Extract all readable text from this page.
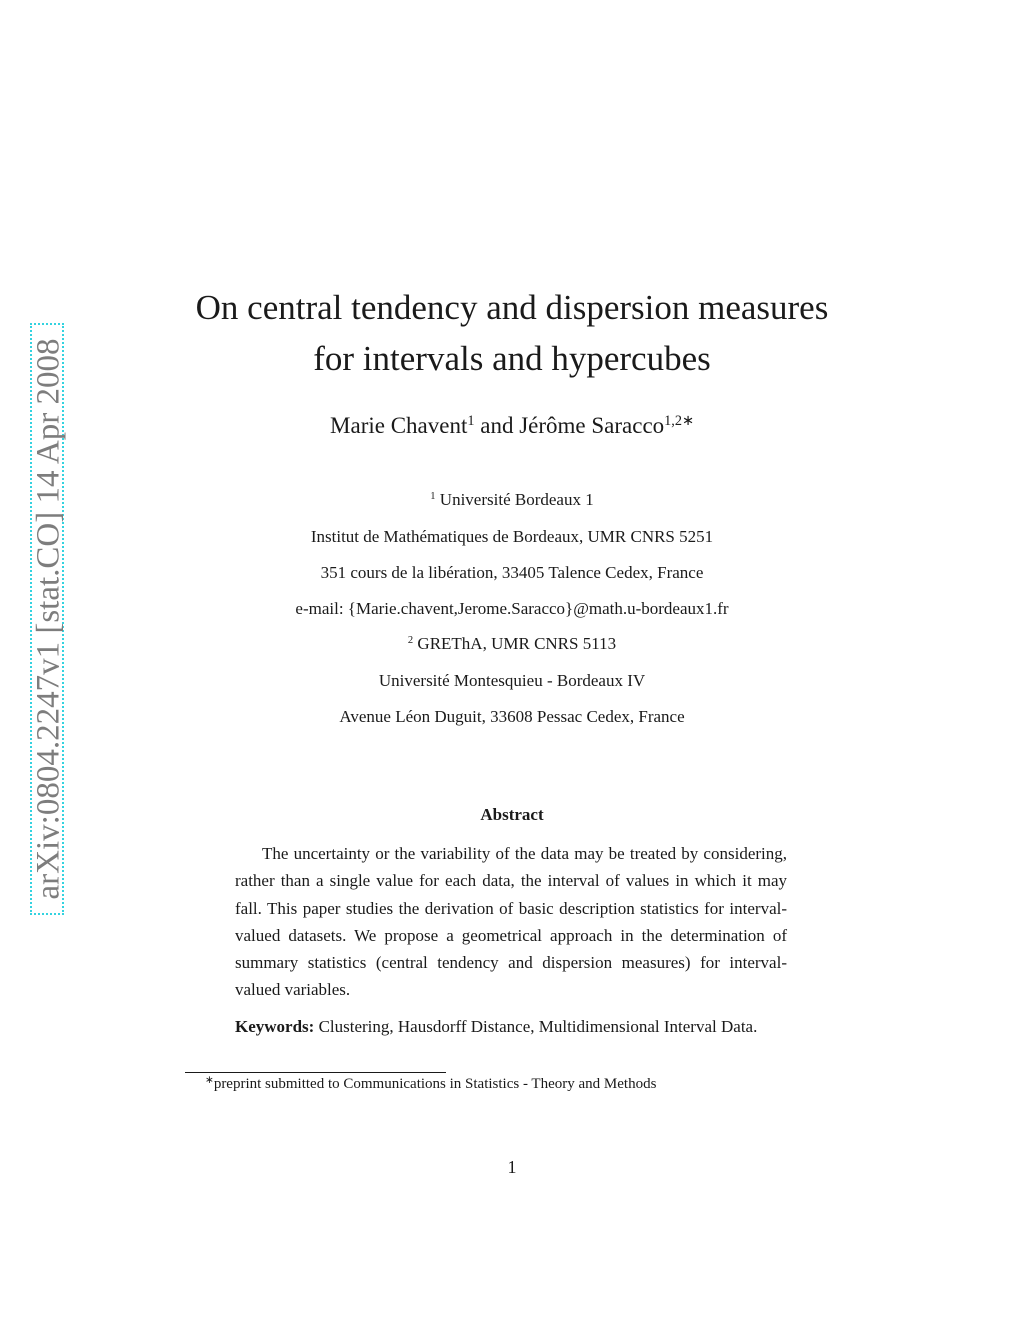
arXiv:0804.2247v1 [stat.CO] 14 Apr 2008
On central tendency and dispersion measures
for intervals and hypercubes
Marie Chavent$^1$ and Jérôme Saracco$^{1,2∗}$
$^1$ Université Bordeaux 1
Institut de Mathématiques de Bordeaux, UMR CNRS 5251
351 cours de la libération, 33405 Talence Cedex, France
e-mail: {Marie.chavent,Jerome.Saracco}@math.u-bordeaux1.fr
$^2$ GREThA, UMR CNRS 5113
Université Montesquieu - Bordeaux IV
Avenue Léon Duguit, 33608 Pessac Cedex, France
Abstract

The uncertainty or the variability of the data may be treated by considering, rather than a single value for each data, the interval of values in which it may fall. This paper studies the derivation of basic description statistics for interval-valued datasets. We propose a geometrical approach in the determination of summary statistics (central tendency and dispersion measures) for interval-valued variables.

Keywords: Clustering, Hausdorff Distance, Multidimensional Interval Data.

∗preprint submitted to Communications in Statistics - Theory and Methods
1
